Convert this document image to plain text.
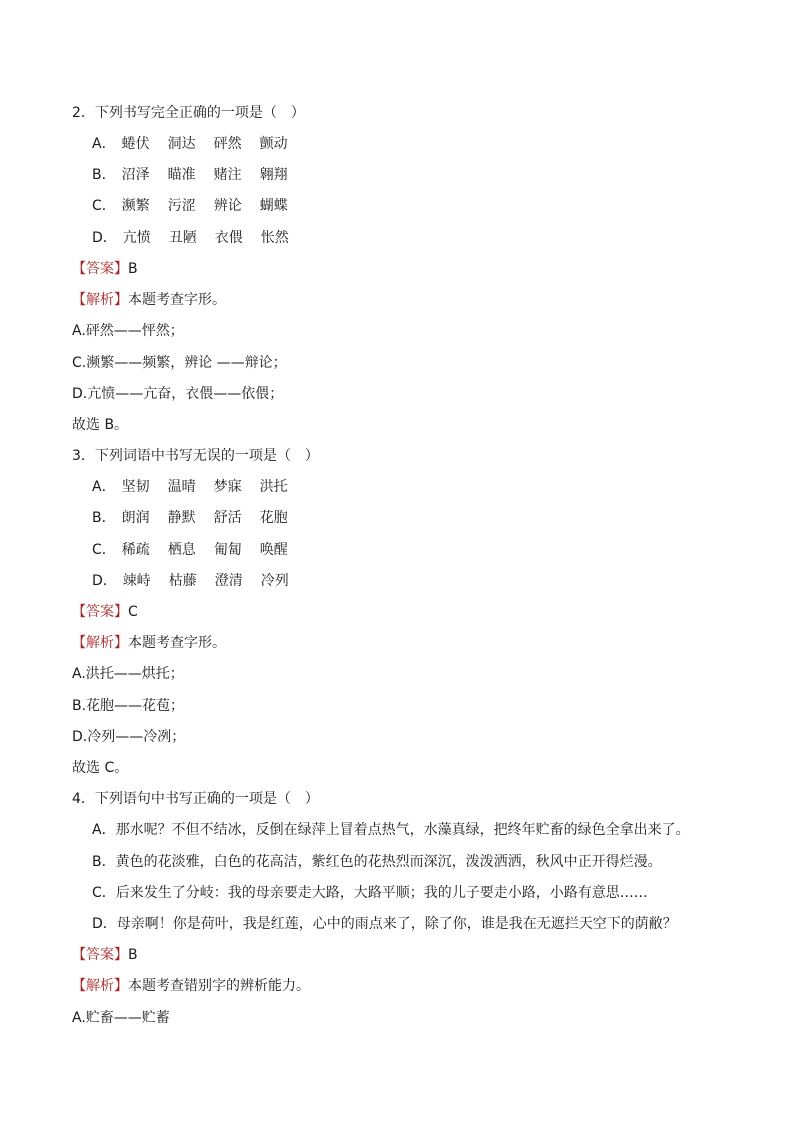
2．下列书写完全正确的一项是（　）
A． 蜷伏 洞达 砰然 颤动
B． 沼泽 瞄准 赌注 翱翔
C． 濒繁 污涩 辨论 蝴蝶
D． 亢愤 丑陋 衣偎 怅然
【答案】B
【解析】本题考查字形。
A.砰然——怦然；
C.濒繁——频繁，辨论 ——辩论；
D.亢愤——亢奋，衣偎——依偎；
故选 B。
3．下列词语中书写无误的一项是（　）
A． 坚韧 温晴 梦寐 洪托
B． 朗润 静默 舒活 花胞
C． 稀疏 栖息 匍匐 唤醒
D． 竦峙 枯藤 澄清 冷列
【答案】C
【解析】本题考查字形。
A.洪托——烘托；
B.花胞——花苞；
D.冷列——冷冽；
故选 C。
4．下列语句中书写正确的一项是（　）
A．那水呢？不但不结冰，反倒在绿萍上冒着点热气，水藻真绿，把终年贮畜的绿色全拿出来了。
B．黄色的花淡雅，白色的花高洁，紫红色的花热烈而深沉，泼泼洒洒，秋风中正开得烂漫。
C．后来发生了分岐：我的母亲要走大路，大路平顺；我的儿子要走小路，小路有意思……
D．母亲啊！你是荷叶，我是红莲，心中的雨点来了，除了你，谁是我在无遮拦天空下的荫敝？
【答案】B
【解析】本题考查错别字的辨析能力。
A.贮畜——贮蓄
